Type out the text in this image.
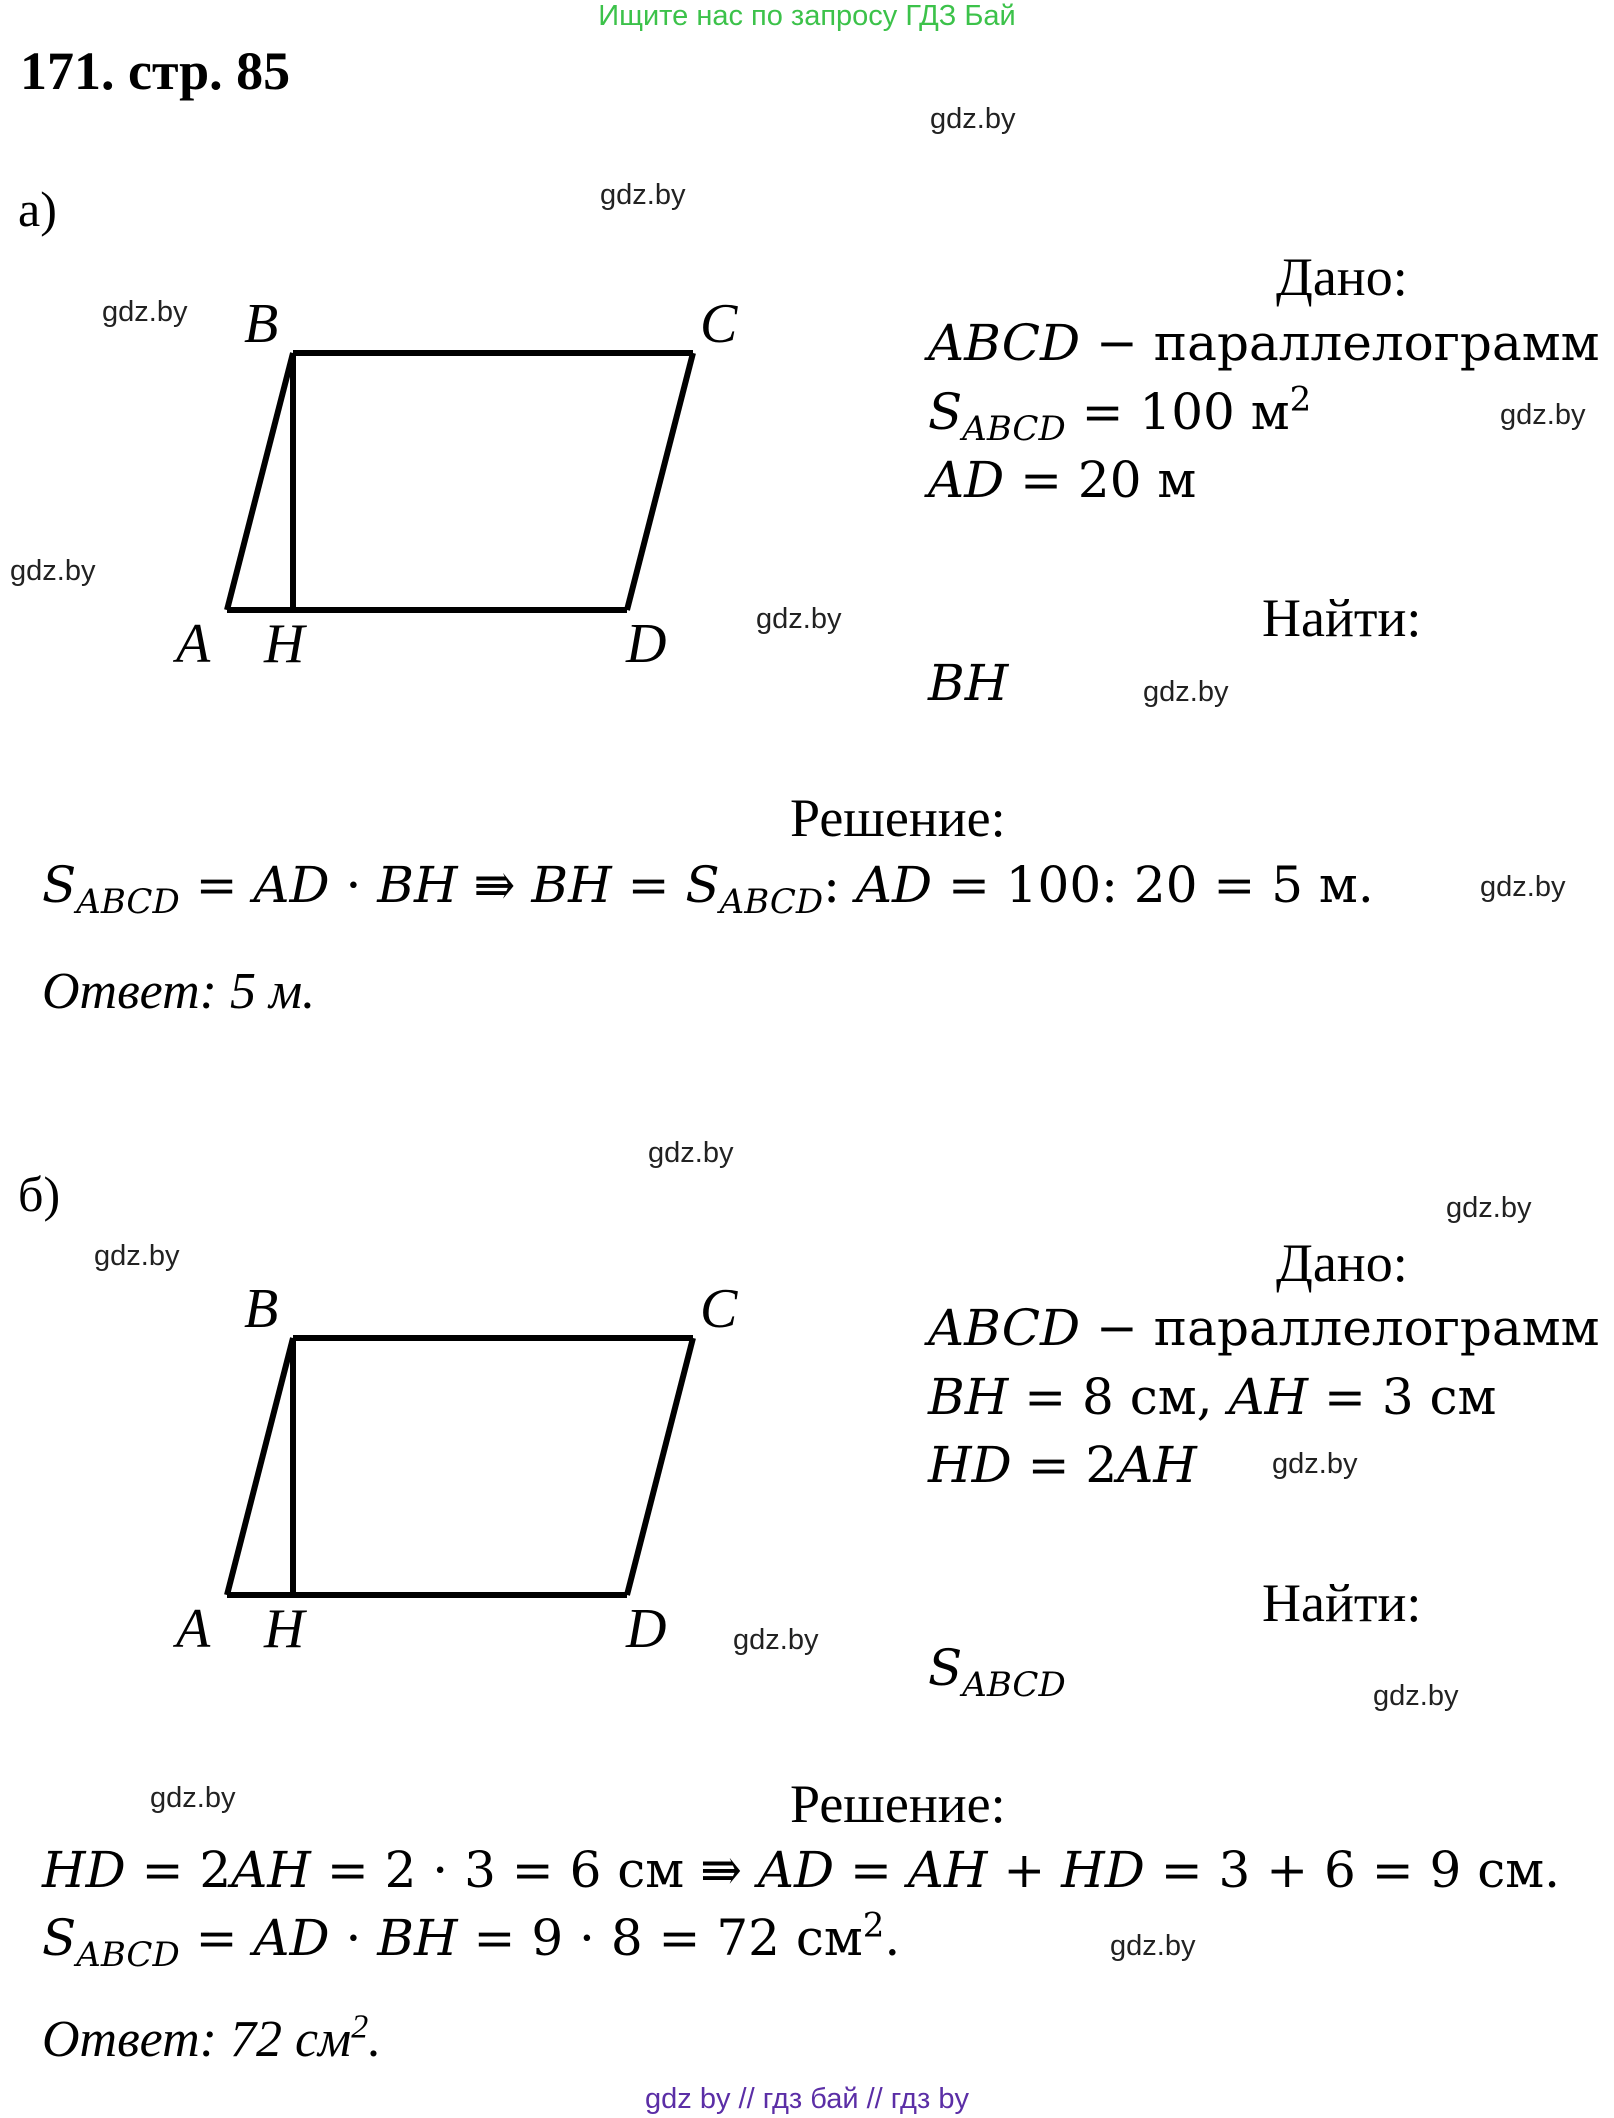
Ищите нас по запросу ГДЗ Бай
171. стр. 85
gdz.by
gdz.by
gdz.by
gdz.by
gdz.by
gdz.by
gdz.by
gdz.by
gdz.by
gdz.by
gdz.by
gdz.by
gdz.by
gdz.by
gdz.by
gdz.by
а)
B	C
A H	D
Дано:
ABCD − параллелограмм
$S_{ABCD} = 100$ $м^2$
AD = 20 м
Найти:
BH
Решение:
$S_{ABCD}$ = AD · BH ⇛ BH = $S_{ABCD}$: AD = 100: 20 = 5 м.
Ответ: 5 м.
б)
B	C
A H	D
Дано:
ABCD − параллелограмм
BH = 8 см, AH = 3 см
HD = 2AH
Найти:
$S_{ABCD}$
Решение:
HD = 2AH = 2 · 3 = 6 см ⇛ AD = AH + HD = 3 + 6 = 9 см.
$S_{ABCD}$ = AD · BH = 9 · 8 = 72 $см^2$.
Ответ: 72 $см^2$.
gdz by // гдз бай // гдз by
